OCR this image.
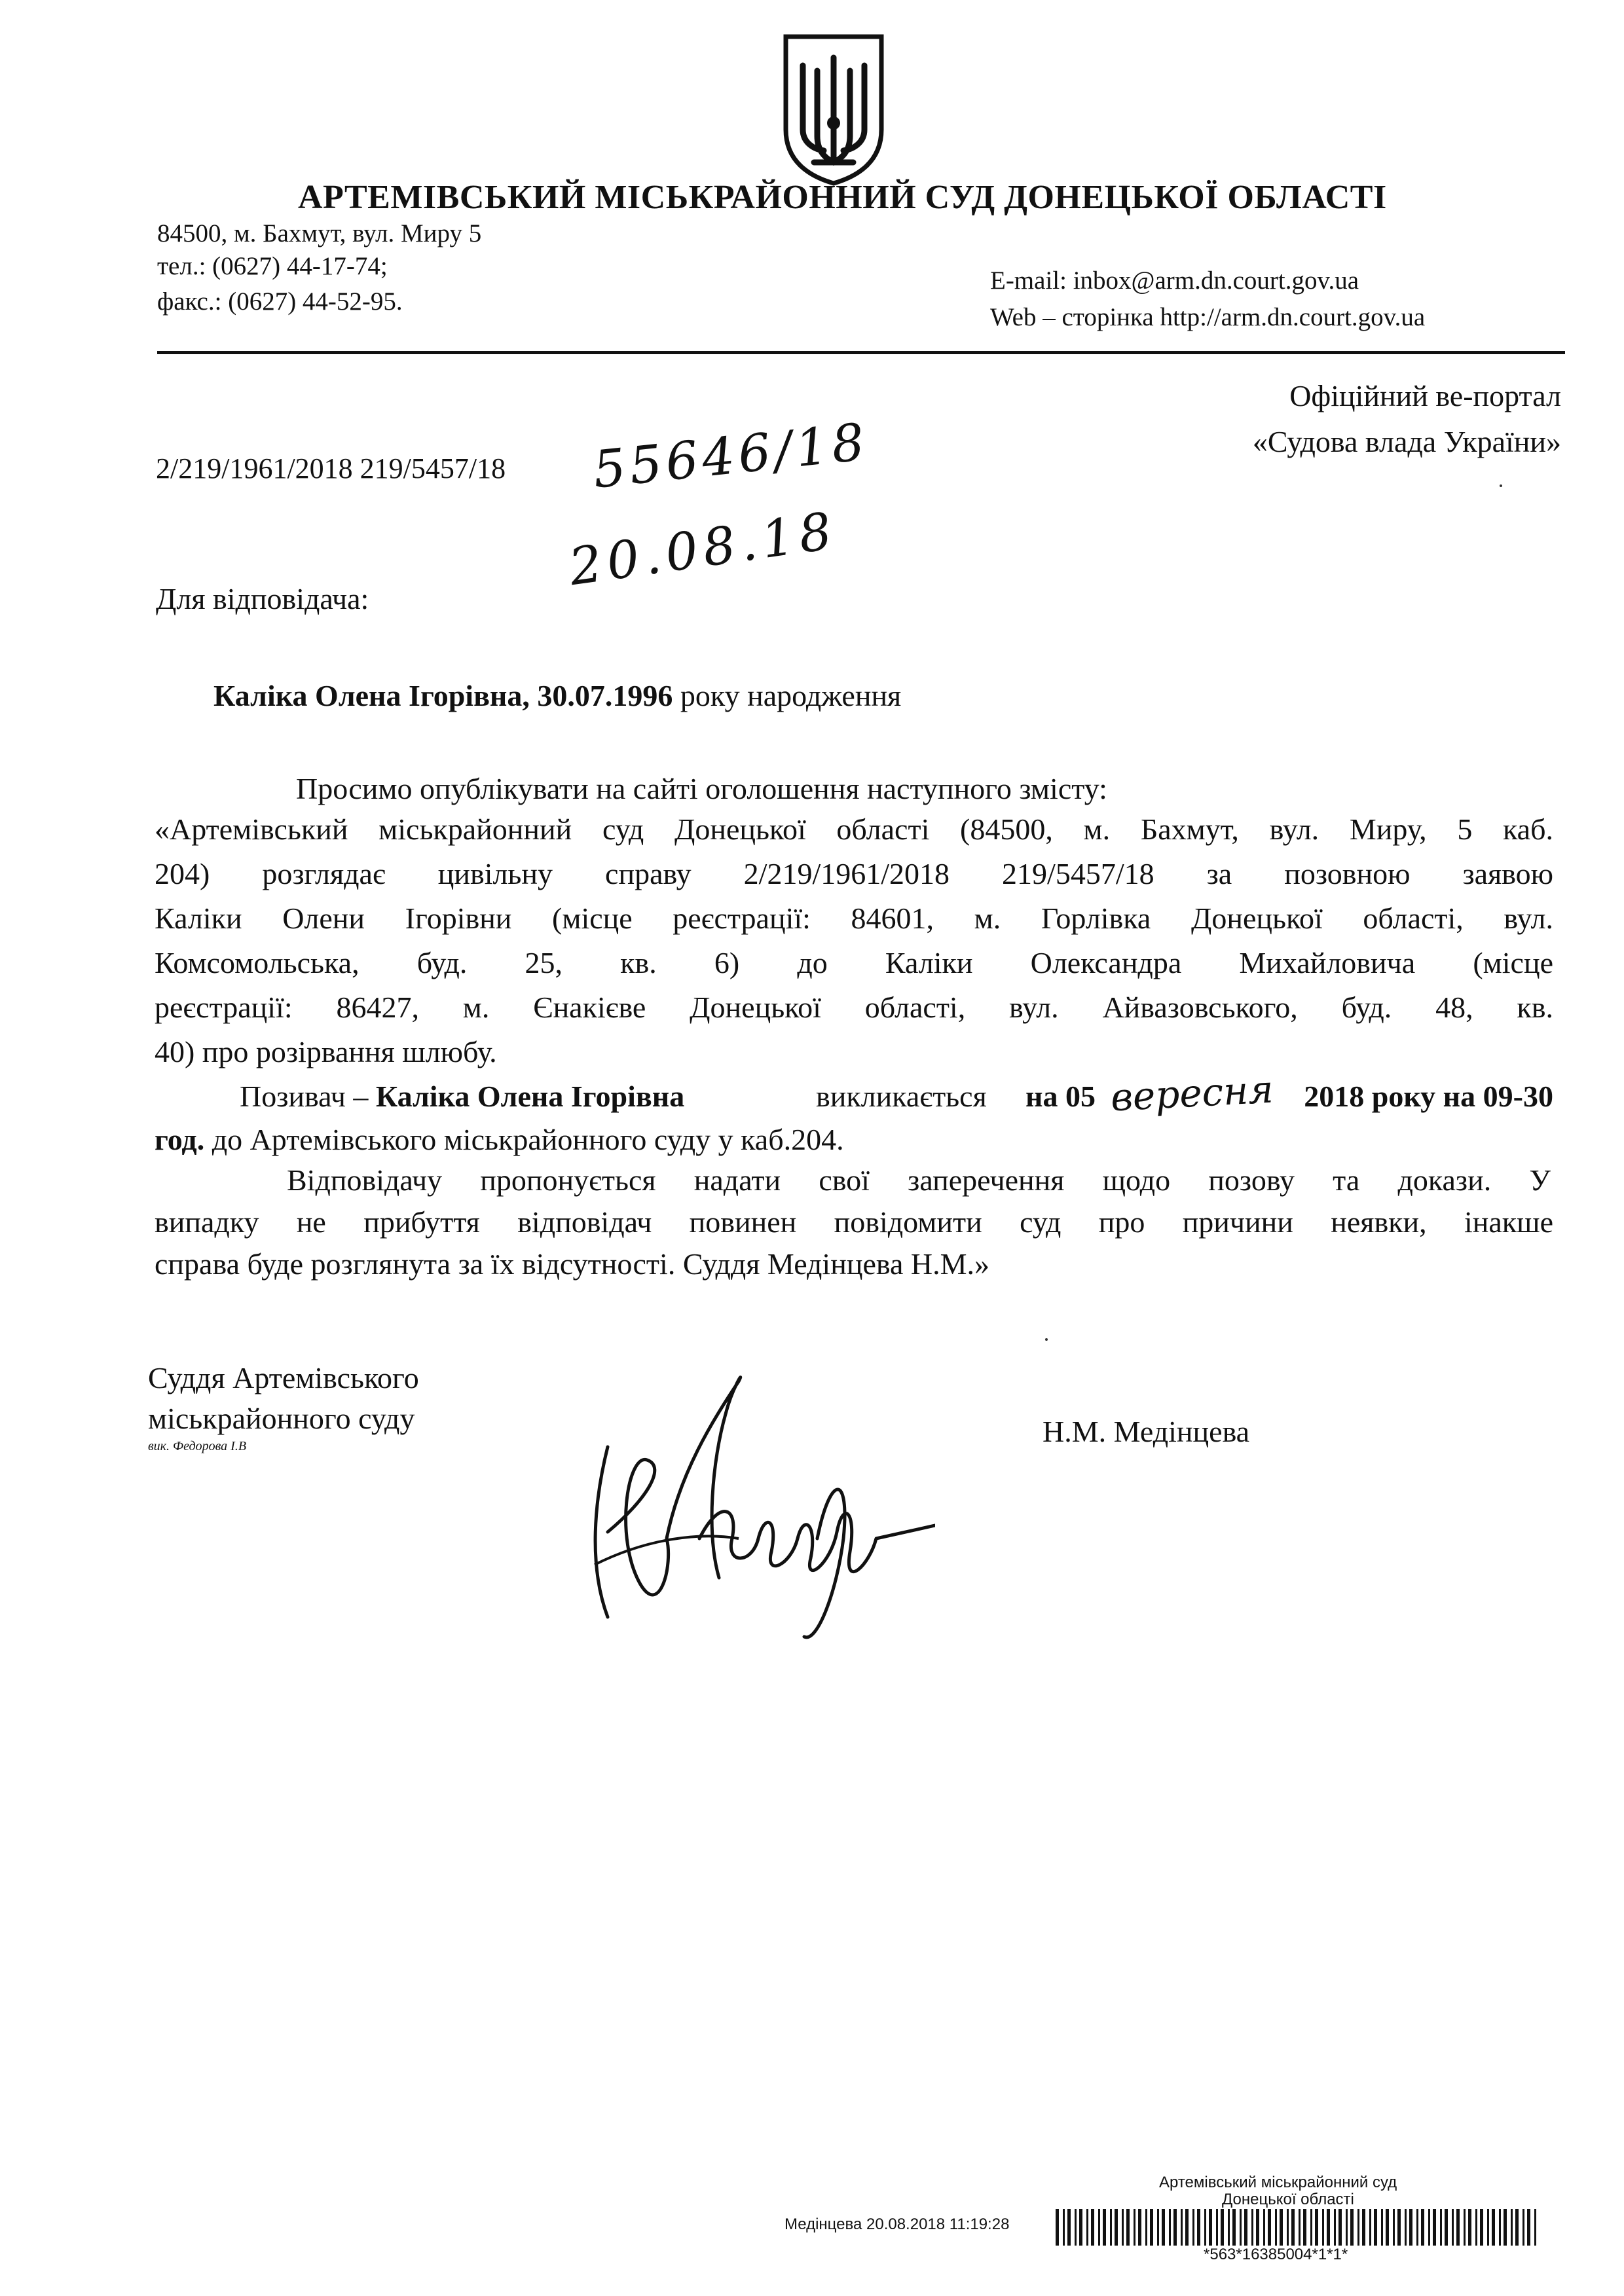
АРТЕМІВСЬКИЙ МІСЬКРАЙОННИЙ СУД ДОНЕЦЬКОЇ ОБЛАСТІ
84500, м. Бахмут, вул. Миру 5
тел.: (0627) 44-17-74;
факс.: (0627) 44-52-95.
E-mail: inbox@arm.dn.court.gov.ua
Web – сторінка http://arm.dn.court.gov.ua
Офіційний ве-портал
«Судова влада України»
2/219/1961/2018 219/5457/18 55646/18
20.08.18
Для відповідача:
Каліка Олена Ігорівна, 30.07.1996 року народження
Просимо опублікувати на сайті оголошення наступного змісту:
«Артемівський міськрайонний суд Донецької області (84500, м. Бахмут, вул. Миру, 5 каб.
204) розглядає цивільну справу 2/219/1961/2018 219/5457/18 за позовною заявою
Каліки Олени Ігорівни (місце реєстрації: 84601, м. Горлівка Донецької області, вул.
Комсомольська, буд. 25, кв. 6) до Каліки Олександра Михайловича (місце
реєстрації: 86427, м. Єнакієве Донецької області, вул. Айвазовського, буд. 48, кв.
40) про розірвання шлюбу.
Позивач – Каліка Олена Ігорівна	викликається на 05 вересня 2018 року на 09-30
год. до Артемівського міськрайонного суду у каб.204.
Відповідачу пропонується надати свої заперечення щодо позову та докази. У
випадку не прибуття відповідач повинен повідомити суд про причини неявки, інакше
справа буде розглянута за їх відсутності. Суддя Медінцева Н.М.»
Суддя Артемівського
міськрайонного суду
вик. Федорова І.В	Н.М. Медінцева
Артемівський міськрайонний суд
Донецької області
Медінцева 20.08.2018 11:19:28
*563*16385004*1*1*
